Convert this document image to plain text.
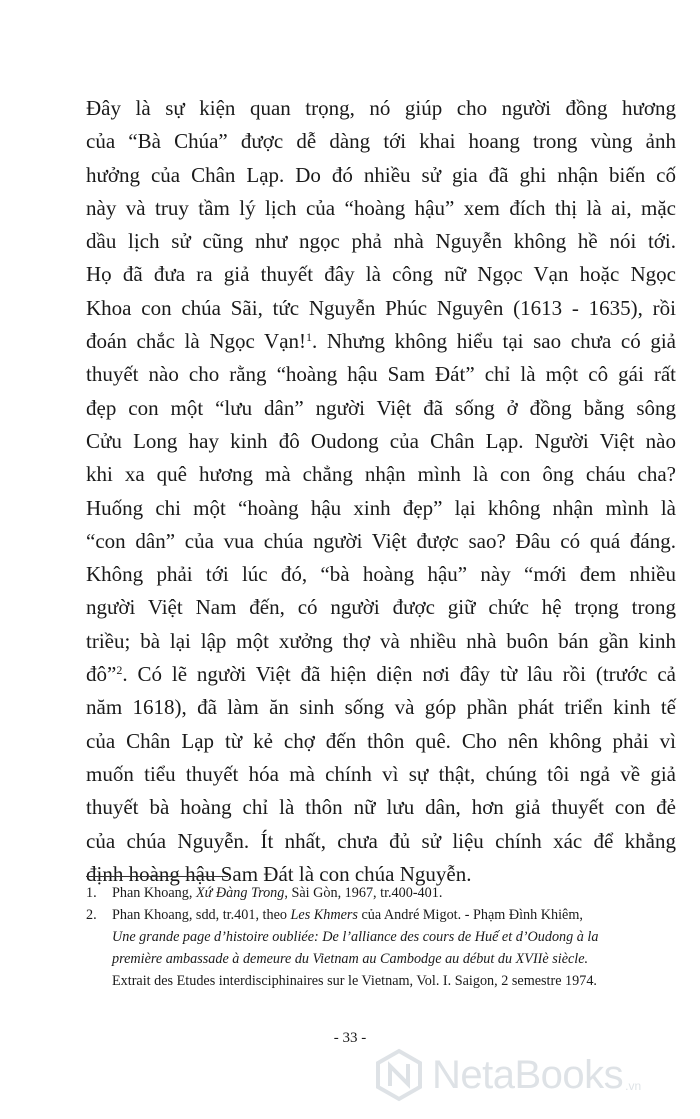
Đây là sự kiện quan trọng, nó giúp cho người đồng hương
của “Bà Chúa” được dễ dàng tới khai hoang trong vùng ảnh
hưởng của Chân Lạp. Do đó nhiều sử gia đã ghi nhận biến cố
này và truy tầm lý lịch của “hoàng hậu” xem đích thị là ai, mặc
dầu lịch sử cũng như ngọc phả nhà Nguyễn không hề nói tới.
Họ đã đưa ra giả thuyết đây là công nữ Ngọc Vạn hoặc Ngọc
Khoa con chúa Sãi, tức Nguyễn Phúc Nguyên (1613 - 1635), rồi
đoán chắc là Ngọc Vạn!$^1$. Nhưng không hiểu tại sao chưa có giả
thuyết nào cho rằng “hoàng hậu Sam Đát” chỉ là một cô gái rất
đẹp con một “lưu dân” người Việt đã sống ở đồng bằng sông
Cửu Long hay kinh đô Oudong của Chân Lạp. Người Việt nào
khi xa quê hương mà chẳng nhận mình là con ông cháu cha?
Huống chi một “hoàng hậu xinh đẹp” lại không nhận mình là
“con dân” của vua chúa người Việt được sao? Đâu có quá đáng.
Không phải tới lúc đó, “bà hoàng hậu” này “mới đem nhiều
người Việt Nam đến, có người được giữ chức hệ trọng trong
triều; bà lại lập một xưởng thợ và nhiều nhà buôn bán gần kinh
đô”$^2$. Có lẽ người Việt đã hiện diện nơi đây từ lâu rồi (trước cả
năm 1618), đã làm ăn sinh sống và góp phần phát triển kinh tế
của Chân Lạp từ kẻ chợ đến thôn quê. Cho nên không phải vì
muốn tiểu thuyết hóa mà chính vì sự thật, chúng tôi ngả về giả
thuyết bà hoàng chỉ là thôn nữ lưu dân, hơn giả thuyết con đẻ
của chúa Nguyễn. Ít nhất, chưa đủ sử liệu chính xác để khẳng
định hoàng hậu Sam Đát là con chúa Nguyễn.
1.	Phan Khoang, Xứ Đàng Trong, Sài Gòn, 1967, tr.400-401.
2.	Phan Khoang, sdd, tr.401, theo Les Khmers của André Migot. - Phạm Đình Khiêm,
Une grande page d’histoire oubliée: De l’alliance des cours de Huế et d’Oudong à la
première ambassade à demeure du Vietnam au Cambodge au début du XVIIè siècle.
Extrait des Etudes interdisciphinaires sur le Vietnam, Vol. I. Saigon, 2 semestre 1974.
- 33 -
NetaBooks .vn
